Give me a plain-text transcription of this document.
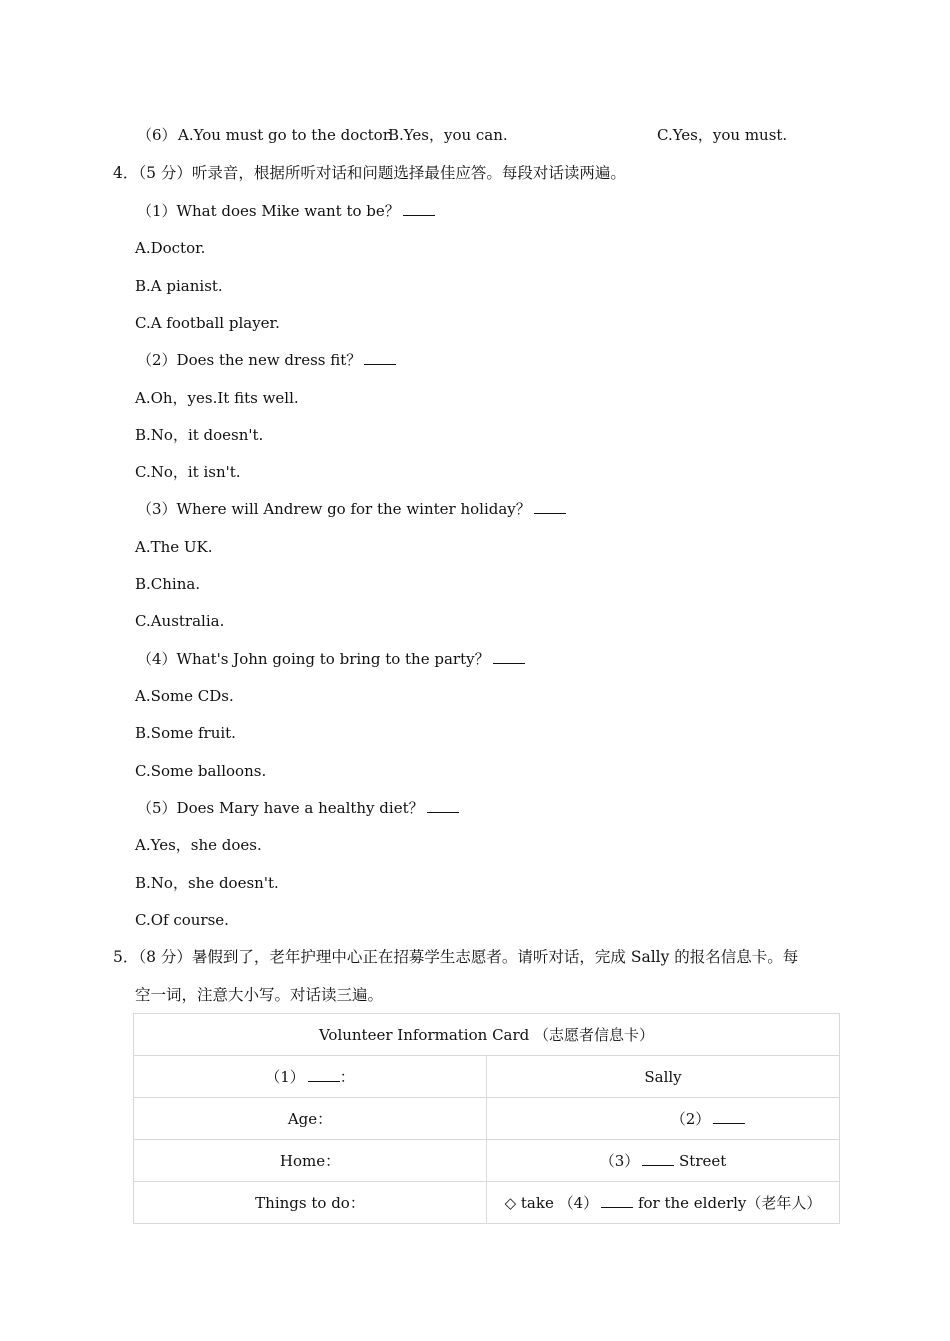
（6） A.You must go to the doctor.
B.Yes，you can.	C.Yes，you must.
4．（5 分）听录音，根据所听对话和问题选择最佳应答。每段对话读两遍。
（1）What does Mike want to be？
A.Doctor.
B.A pianist.
C.A football player.
（2）Does the new dress fit？
A.Oh，yes.It fits well.
B.No，it doesn't.
C.No，it isn't.
（3）Where will Andrew go for the winter holiday？
A.The UK.
B.China.
C.Australia.
（4）What's John going to bring to the party？
A.Some CDs.
B.Some fruit.
C.Some balloons.
（5）Does Mary have a healthy diet？
A.Yes，she does.
B.No，she doesn't.
C.Of course.
5．（8 分）暑假到了，老年护理中心正在招募学生志愿者。请听对话，完成 Sally 的报名信息卡。每
空一词，注意大小写。对话读三遍。
Volunteer Information Card （志愿者信息卡）	
（1） ：	Sally
Age：	（2）
Home：	（3） Street
Things to do：	◇ take （4） for the elderly（老年人）
